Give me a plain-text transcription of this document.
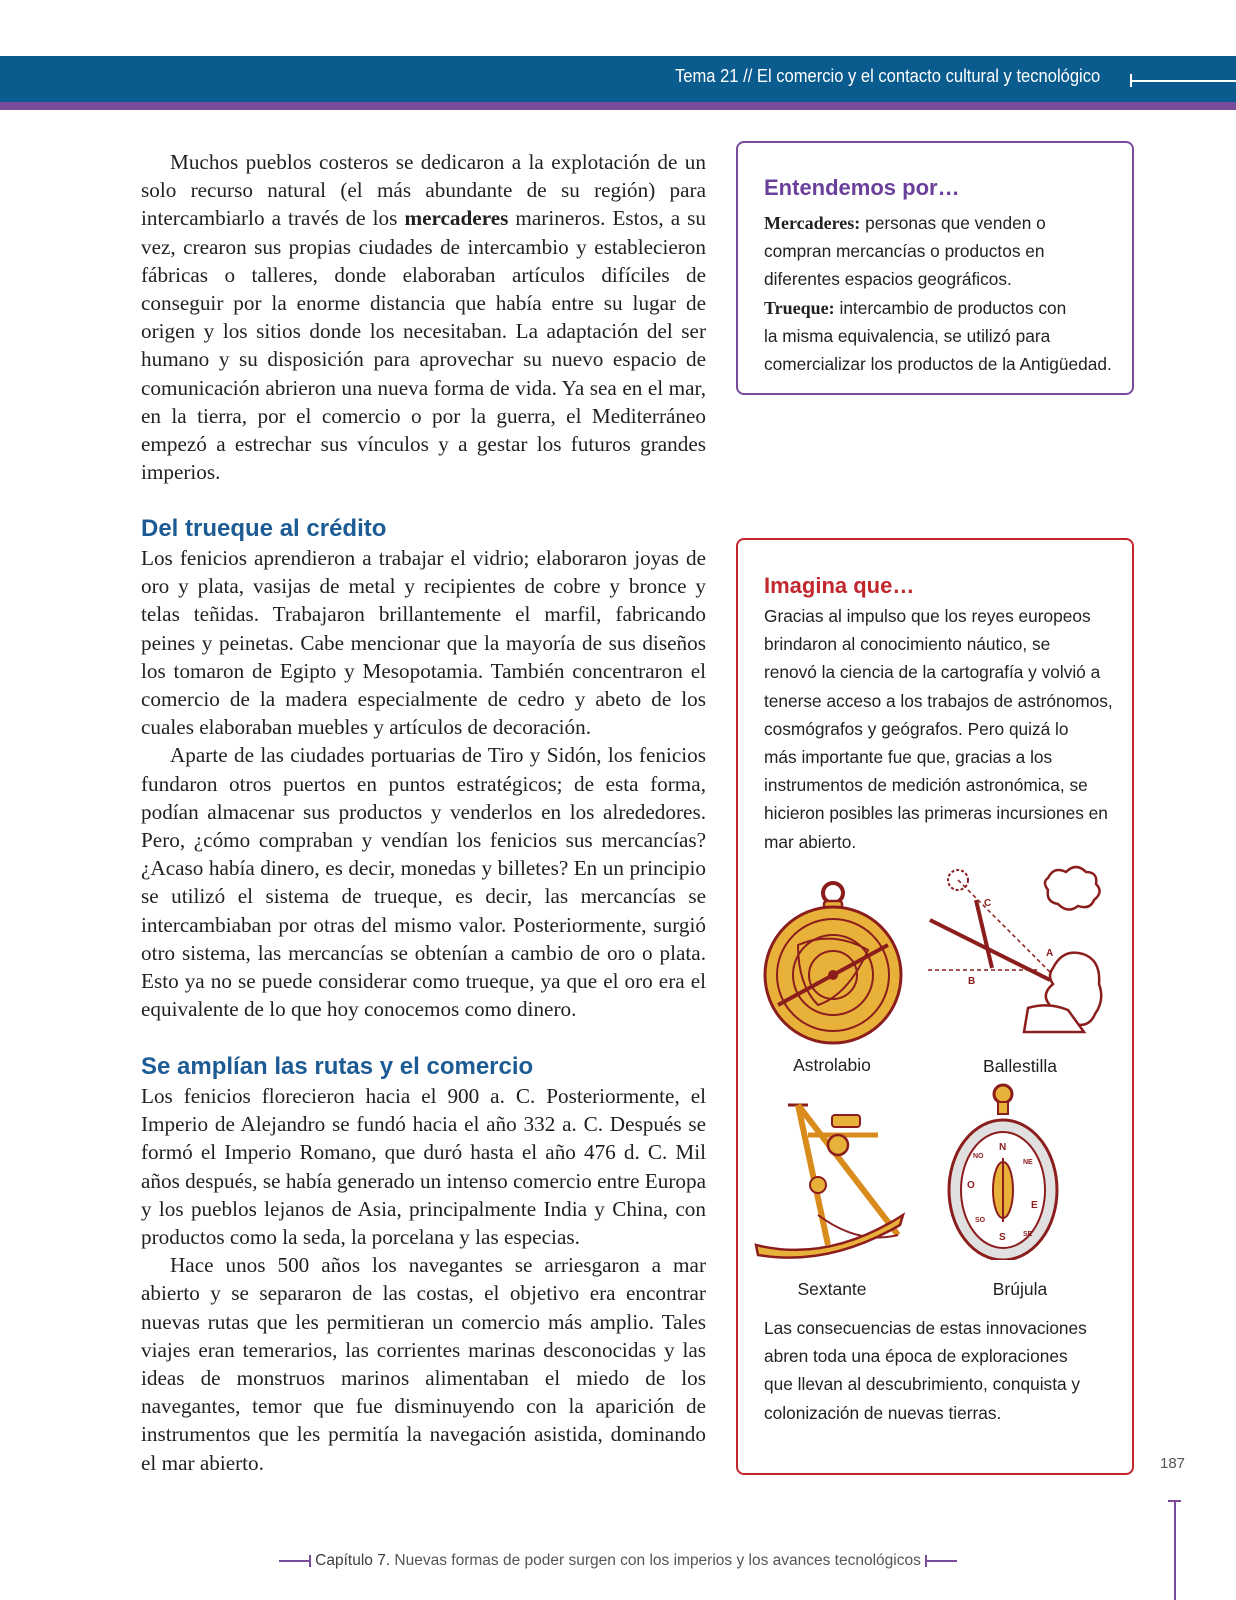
Tema 21 // El comercio y el contacto cultural y tecnológico

Muchos pueblos costeros se dedicaron a la explotación de un solo recurso natural (el más abundante de su región) para intercambiarlo a través de los mercaderes marineros. Estos, a su vez, crearon sus propias ciudades de intercambio y establecieron fábricas o talleres, donde elaboraban artículos difíciles de conseguir por la enorme distancia que había entre su lugar de origen y los sitios donde los necesitaban. La adaptación del ser humano y su disposición para aprovechar su nuevo espacio de comunicación abrieron una nueva forma de vida. Ya sea en el mar, en la tierra, por el comercio o por la guerra, el Mediterráneo empezó a estrechar sus vínculos y a gestar los futuros grandes imperios.

Del trueque al crédito

Los fenicios aprendieron a trabajar el vidrio; elaboraron joyas de oro y plata, vasijas de metal y recipientes de cobre y bronce y telas teñidas. Trabajaron brillantemente el marfil, fabricando peines y peinetas. Cabe mencionar que la mayoría de sus diseños los tomaron de Egipto y Mesopotamia. También concentraron el comercio de la madera especialmente de cedro y abeto de los cuales elaboraban muebles y artículos de decoración.

Aparte de las ciudades portuarias de Tiro y Sidón, los fenicios fundaron otros puertos en puntos estratégicos; de esta forma, podían almacenar sus productos y venderlos en los alrededores. Pero, ¿cómo compraban y vendían los fenicios sus mercancías? ¿Acaso había dinero, es decir, monedas y billetes? En un principio se utilizó el sistema de trueque, es decir, las mercancías se intercambiaban por otras del mismo valor. Posteriormente, surgió otro sistema, las mercancías se obtenían a cambio de oro o plata. Esto ya no se puede considerar como trueque, ya que el oro era el equivalente de lo que hoy conocemos como dinero.

Se amplían las rutas y el comercio

Los fenicios florecieron hacia el 900 a. C. Posteriormente, el Imperio de Alejandro se fundó hacia el año 332 a. C. Después se formó el Imperio Romano, que duró hasta el año 476 d. C. Mil años después, se había generado un intenso comercio entre Europa y los pueblos lejanos de Asia, principalmente India y China, con productos como la seda, la porcelana y las especias.

Hace unos 500 años los navegantes se arriesgaron a mar abierto y se separaron de las costas, el objetivo era encontrar nuevas rutas que les permitieran un comercio más amplio. Tales viajes eran temerarios, las corrientes marinas desconocidas y las ideas de monstruos marinos alimentaban el miedo de los navegantes, temor que fue disminuyendo con la aparición de instrumentos que les permitía la navegación asistida, dominando el mar abierto.

Entendemos por…
Mercaderes: personas que venden o
compran mercancías o productos en
diferentes espacios geográficos.
Trueque: intercambio de productos con
la misma equivalencia, se utilizó para
comercializar los productos de la Antigüedad.
Imagina que…
Gracias al impulso que los reyes europeos
brindaron al conocimiento náutico, se
renovó la ciencia de la cartografía y volvió a
tenerse acceso a los trabajos de astrónomos,
cosmógrafos y geógrafos. Pero quizá lo
más importante fue que, gracias a los
instrumentos de medición astronómica, se
hicieron posibles las primeras incursiones en
mar abierto.
C
A
B
N
NO
NE
O
E
SO
SE
S
Astrolabio	Ballestilla
Sextante	Brújula
Las consecuencias de estas innovaciones
abren toda una época de exploraciones
que llevan al descubrimiento, conquista y
colonización de nuevas tierras.
187
Capítulo 7. Nuevas formas de poder surgen con los imperios y los avances tecnológicos
